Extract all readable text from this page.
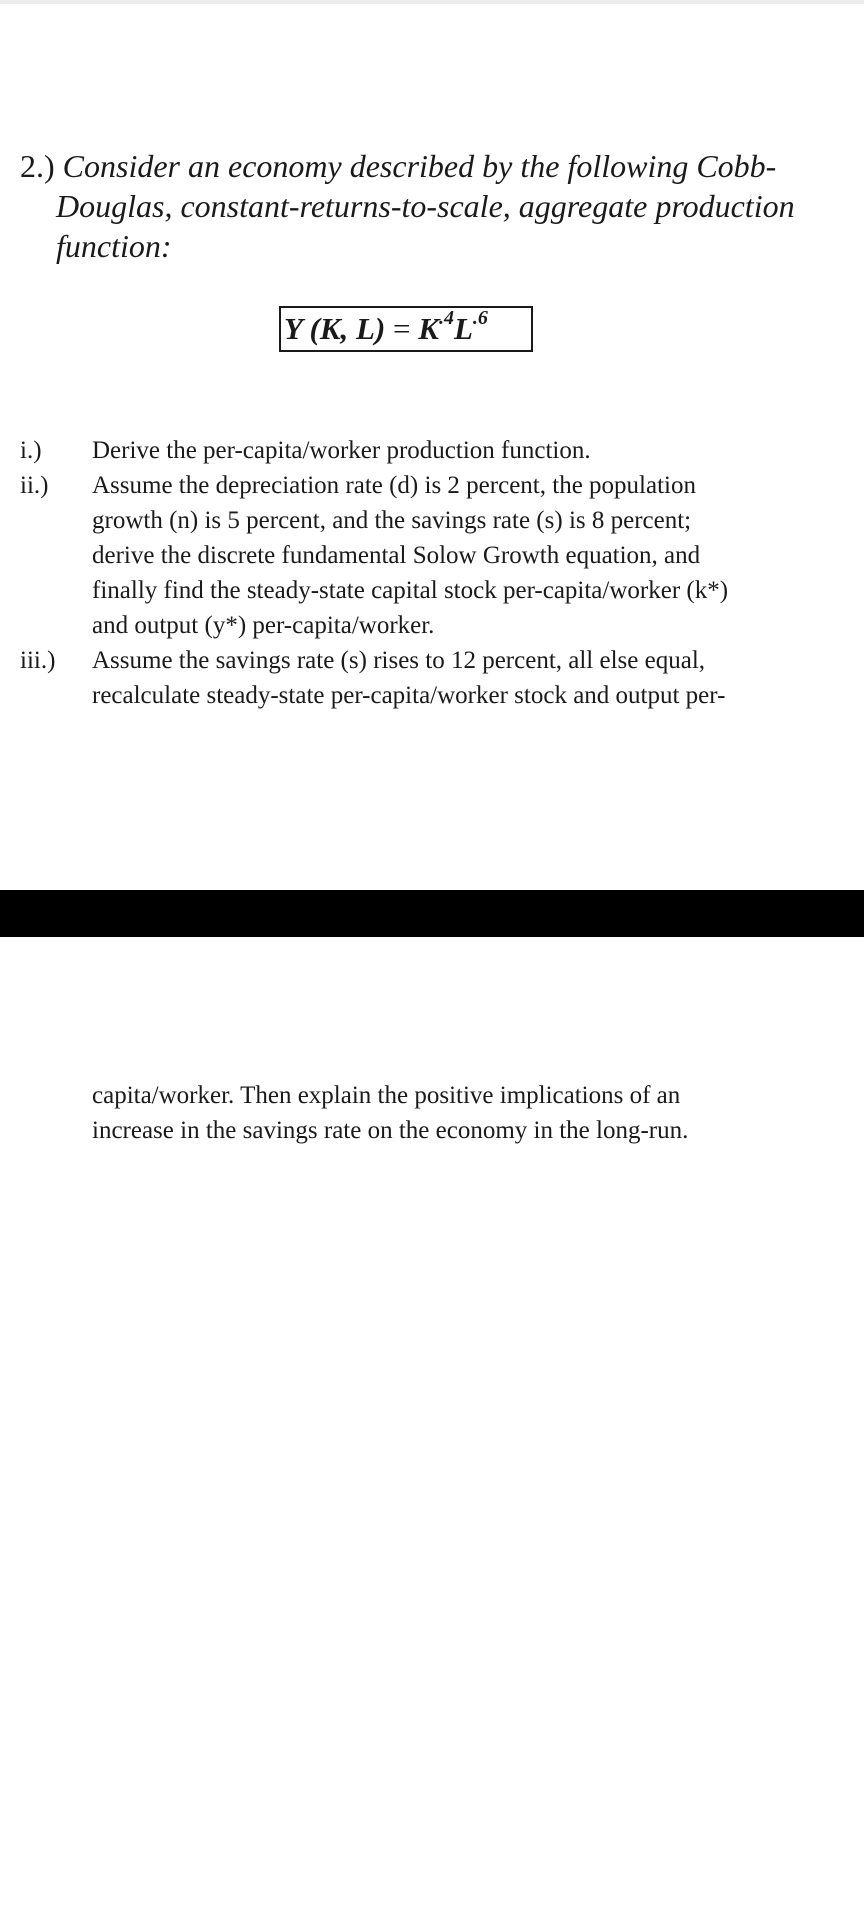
2.) Consider an economy described by the following Cobb-
Douglas, constant-returns-to-scale, aggregate production
function:
Y (K, $L) = K^{.4}L^{.6}$
i.)	Derive the per-capita/worker production function.
ii.)	Assume the depreciation rate (d) is 2 percent, the population
growth (n) is 5 percent, and the savings rate (s) is 8 percent;
derive the discrete fundamental Solow Growth equation, and
finally find the steady-state capital stock per-capita/worker (k*)
and output (y*) per-capita/worker.
iii.)	Assume the savings rate (s) rises to 12 percent, all else equal,
recalculate steady-state per-capita/worker stock and output per-
capita/worker. Then explain the positive implications of an
increase in the savings rate on the economy in the long-run.
